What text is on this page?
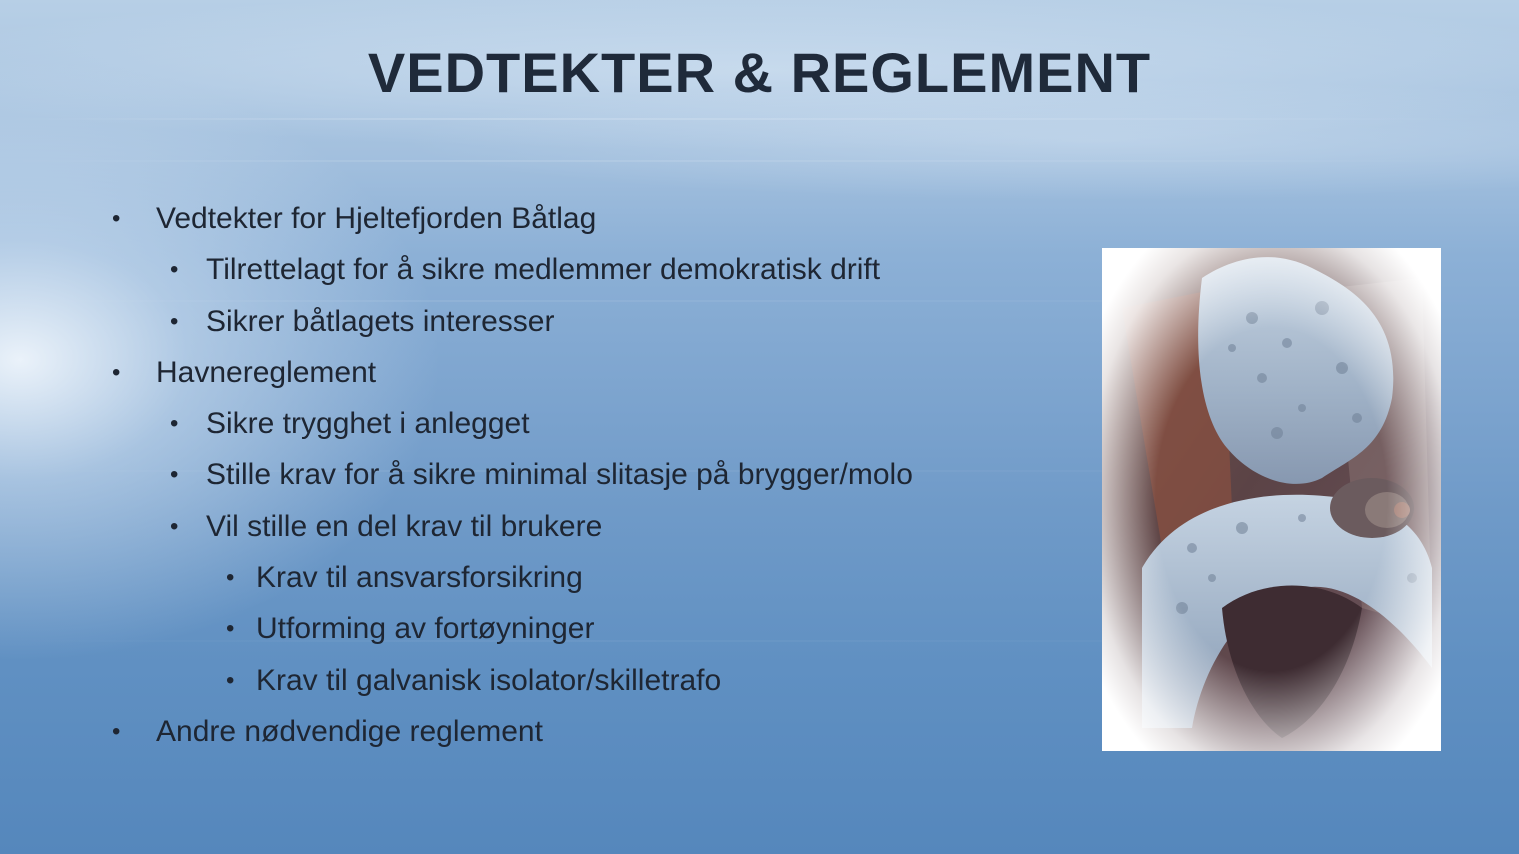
VEDTEKTER & REGLEMENT
• Vedtekter for Hjeltefjorden Båtlag
• Tilrettelagt for å sikre medlemmer demokratisk drift
• Sikrer båtlagets interesser
• Havnereglement
• Sikre trygghet i anlegget
• Stille krav for å sikre minimal slitasje på brygger/molo
• Vil stille en del krav til brukere
• Krav til ansvarsforsikring
• Utforming av fortøyninger
• Krav til galvanisk isolator/skilletrafo
• Andre nødvendige reglement
